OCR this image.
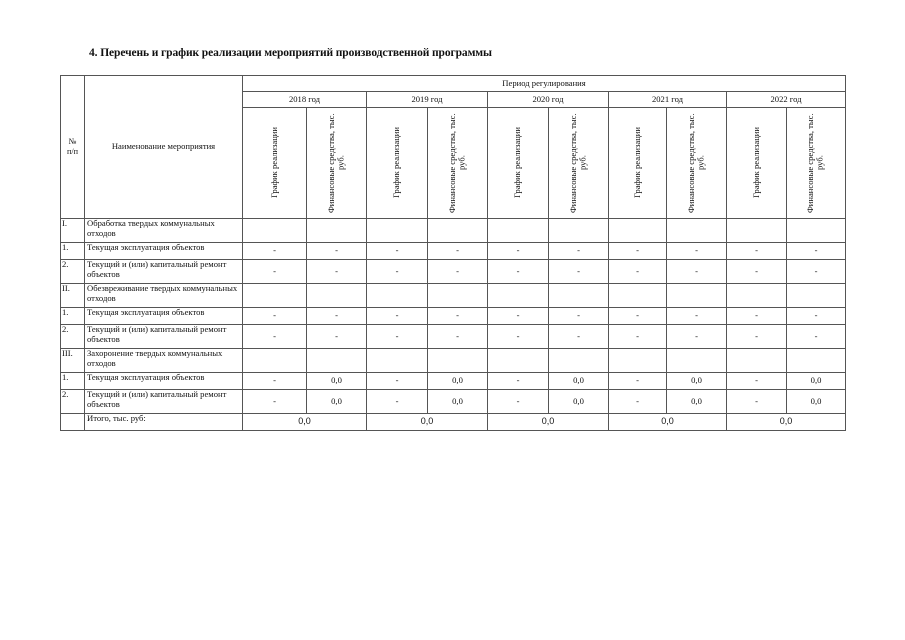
4. Перечень и график реализации мероприятий производственной программы
№
п/п	Наименование мероприятия	Период регулирования									
		2018 год		2019 год		2020 год		2021 год		2022 год	

		График реализации	Финансовые средства, тыс. руб.	График реализации	Финансовые средства, тыс. руб.	График реализации	Финансовые средства, тыс. руб.	График реализации	Финансовые средства, тыс. руб.	График реализации	Финансовые средства, тыс. руб.

I.	Обработка твердых коммунальных отходов										
1.	Текущая эксплуатация объектов	-	-	-	-	-	-	-	-	-	-
2.	Текущий и (или) капитальный ремонт объектов	-	-	-	-	-	-	-	-	-	-
II.	Обезвреживание твердых коммунальных отходов										
1.	Текущая эксплуатация объектов	-	-	-	-	-	-	-	-	-	-
2.	Текущий и (или) капитальный ремонт объектов	-	-	-	-	-	-	-	-	-	-
III.	Захоронение твердых коммунальных отходов										
1.	Текущая эксплуатация объектов	-	0,0	-	0,0	-	0,0	-	0,0	-	0,0
2.	Текущий и (или) капитальный ремонт объектов	-	0,0	-	0,0	-	0,0	-	0,0	-	0,0
	Итого, тыс. руб:	0,0		0,0		0,0		0,0		0,0	
